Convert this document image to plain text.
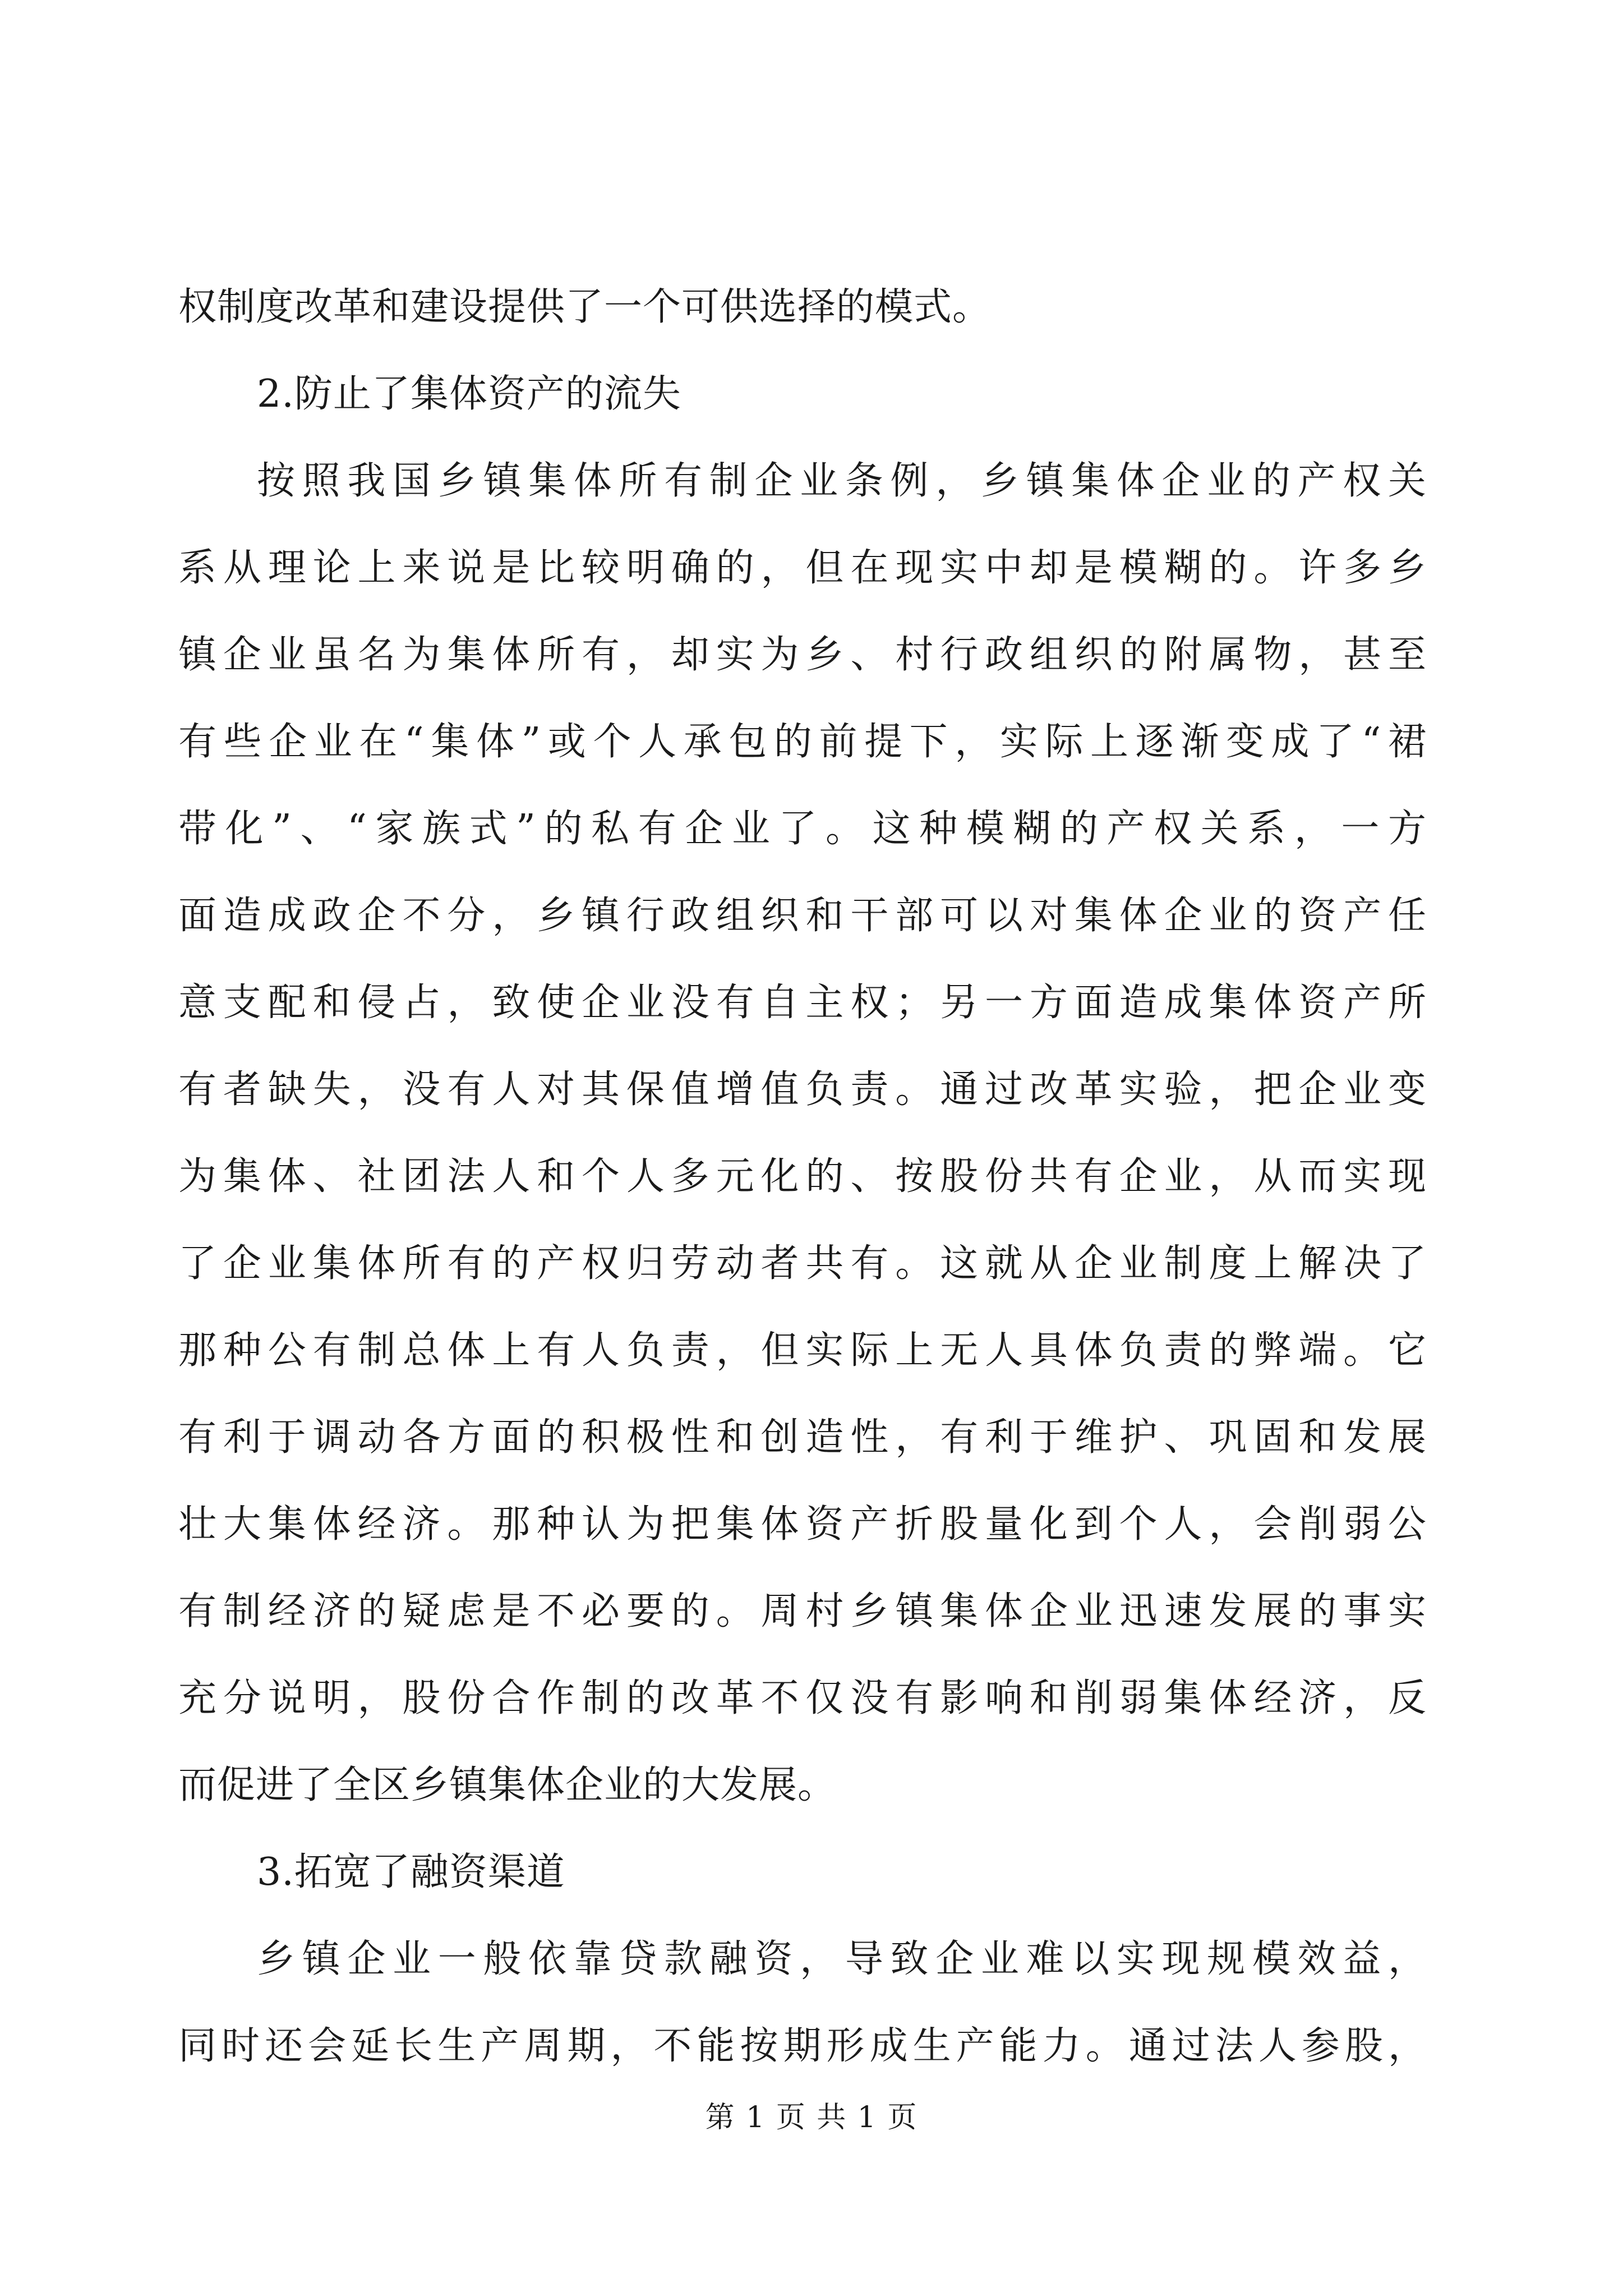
权制度改革和建设提供了一个可供选择的模式。
2.防止了集体资产的流失
按照我国乡镇集体所有制企业条例，乡镇集体企业的产权关
系从理论上来说是比较明确的，但在现实中却是模糊的。许多乡
镇企业虽名为集体所有，却实为乡、村行政组织的附属物，甚至
有些企业在“集体”或个人承包的前提下，实际上逐渐变成了“裙
带化”、“家族式”的私有企业了。这种模糊的产权关系，一方
面造成政企不分，乡镇行政组织和干部可以对集体企业的资产任
意支配和侵占，致使企业没有自主权；另一方面造成集体资产所
有者缺失，没有人对其保值增值负责。通过改革实验，把企业变
为集体、社团法人和个人多元化的、按股份共有企业，从而实现
了企业集体所有的产权归劳动者共有。这就从企业制度上解决了
那种公有制总体上有人负责，但实际上无人具体负责的弊端。它
有利于调动各方面的积极性和创造性，有利于维护、巩固和发展
壮大集体经济。那种认为把集体资产折股量化到个人，会削弱公
有制经济的疑虑是不必要的。周村乡镇集体企业迅速发展的事实
充分说明，股份合作制的改革不仅没有影响和削弱集体经济，反
而促进了全区乡镇集体企业的大发展。
3.拓宽了融资渠道
乡镇企业一般依靠贷款融资，导致企业难以实现规模效益，
同时还会延长生产周期，不能按期形成生产能力。通过法人参股，
第 1 页 共 1 页
